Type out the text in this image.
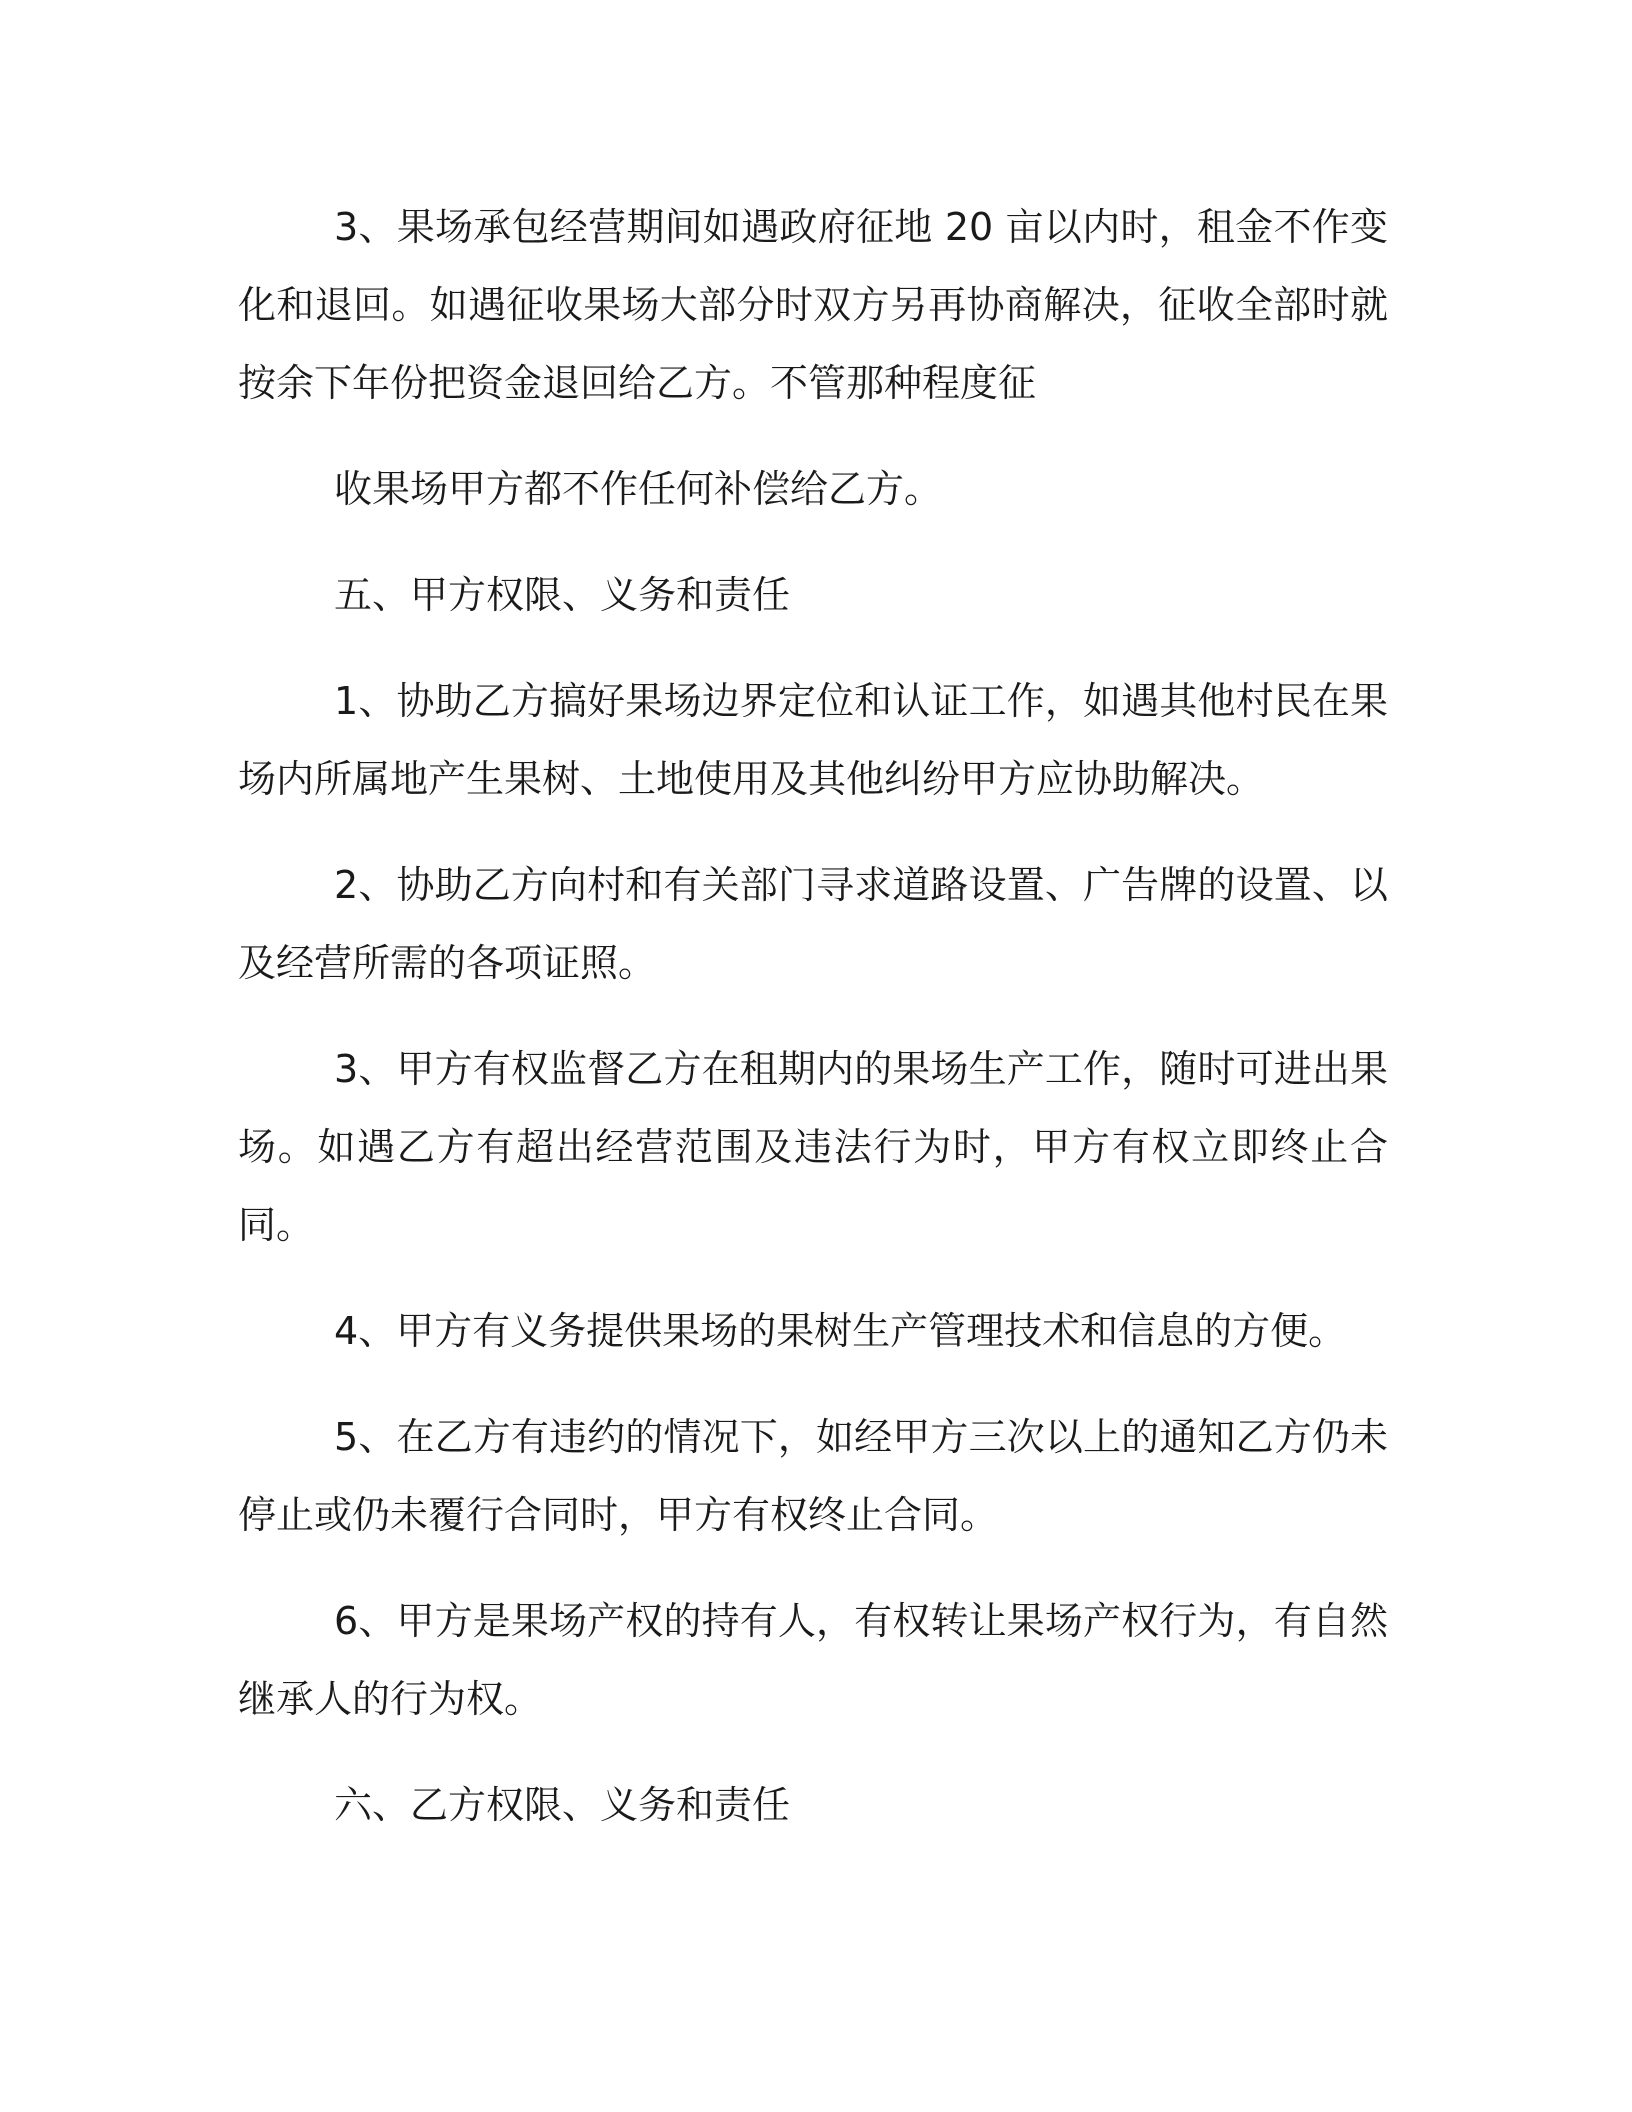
3、果场承包经营期间如遇政府征地 20 亩以内时，租金不作变化和退回。如遇征收果场大部分时双方另再协商解决，征收全部时就按余下年份把资金退回给乙方。不管那种程度征

收果场甲方都不作任何补偿给乙方。

五、甲方权限、义务和责任

1、协助乙方搞好果场边界定位和认证工作，如遇其他村民在果场内所属地产生果树、土地使用及其他纠纷甲方应协助解决。

2、协助乙方向村和有关部门寻求道路设置、广告牌的设置、以及经营所需的各项证照。

3、甲方有权监督乙方在租期内的果场生产工作，随时可进出果场。如遇乙方有超出经营范围及违法行为时，甲方有权立即终止合同。

4、甲方有义务提供果场的果树生产管理技术和信息的方便。

5、在乙方有违约的情况下，如经甲方三次以上的通知乙方仍未停止或仍未覆行合同时，甲方有权终止合同。

6、甲方是果场产权的持有人，有权转让果场产权行为，有自然继承人的行为权。

六、乙方权限、义务和责任
